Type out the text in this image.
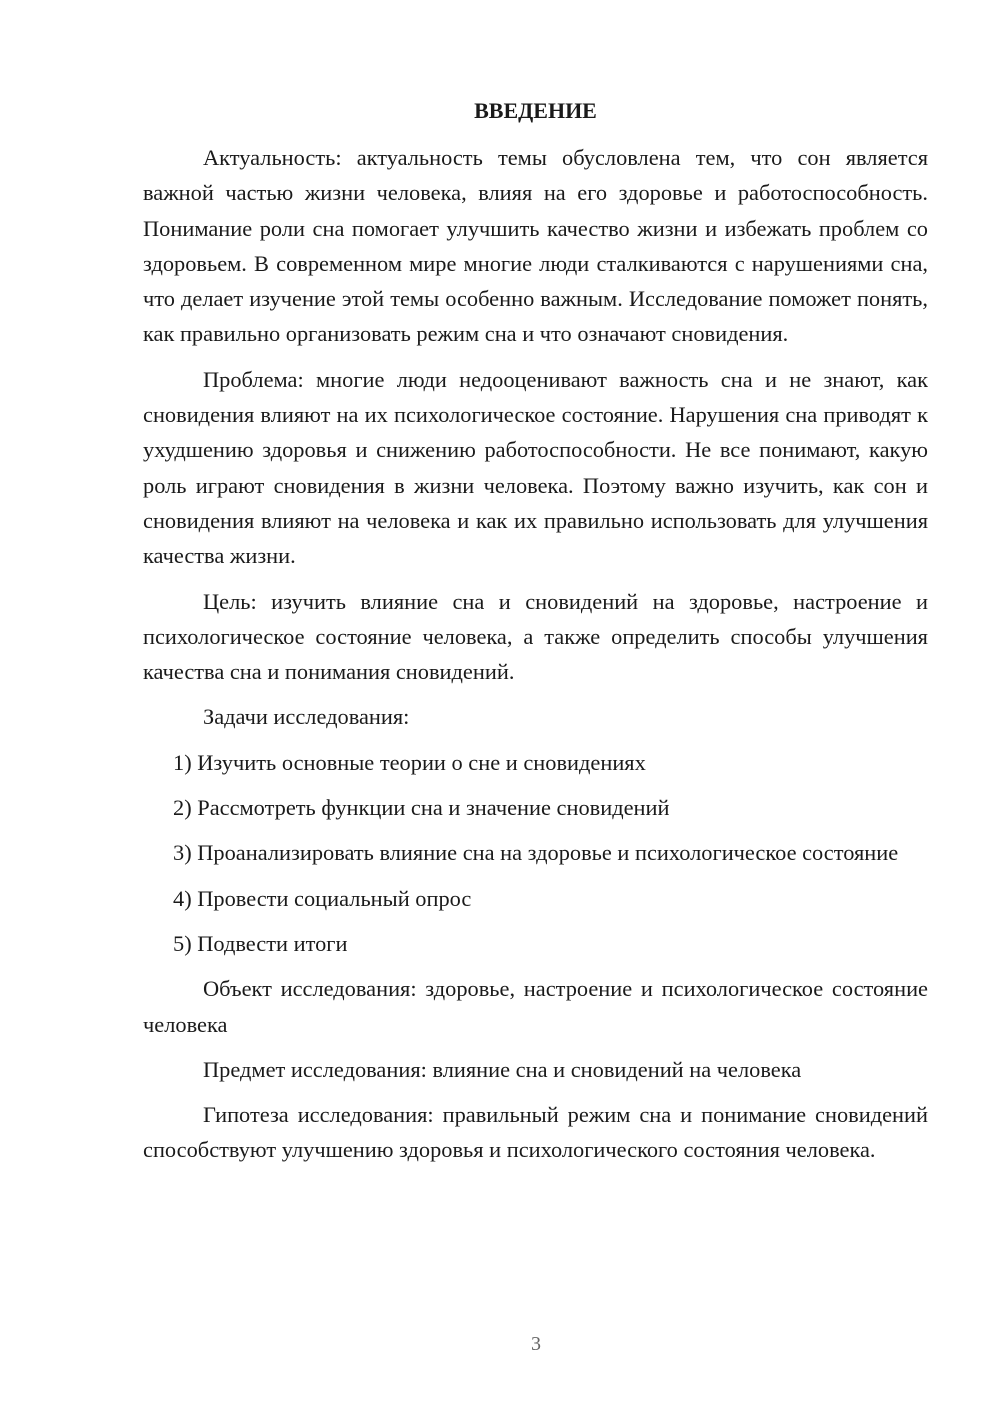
ВВЕДЕНИЕ

Актуальность: актуальность темы обусловлена тем, что сон является важной частью жизни человека, влияя на его здоровье и работоспособность. Понимание роли сна помогает улучшить качество жизни и избежать проблем со здоровьем. В современном мире многие люди сталкиваются с нарушениями сна, что делает изучение этой темы особенно важным. Исследование поможет понять, как правильно организовать режим сна и что означают сновидения.

Проблема: многие люди недооценивают важность сна и не знают, как сновидения влияют на их психологическое состояние. Нарушения сна приводят к ухудшению здоровья и снижению работоспособности. Не все понимают, какую роль играют сновидения в жизни человека. Поэтому важно изучить, как сон и сновидения влияют на человека и как их правильно использовать для улучшения качества жизни.

Цель: изучить влияние сна и сновидений на здоровье, настроение и психологическое состояние человека, а также определить способы улучшения качества сна и понимания сновидений.

Задачи исследования:

1) Изучить основные теории о сне и сновидениях

2) Рассмотреть функции сна и значение сновидений

3) Проанализировать влияние сна на здоровье и психологическое состояние

4) Провести социальный опрос

5) Подвести итоги

Объект исследования: здоровье, настроение и психологическое состояние человека

Предмет исследования: влияние сна и сновидений на человека

Гипотеза исследования: правильный режим сна и понимание сновидений способствуют улучшению здоровья и психологического состояния человека.

3
